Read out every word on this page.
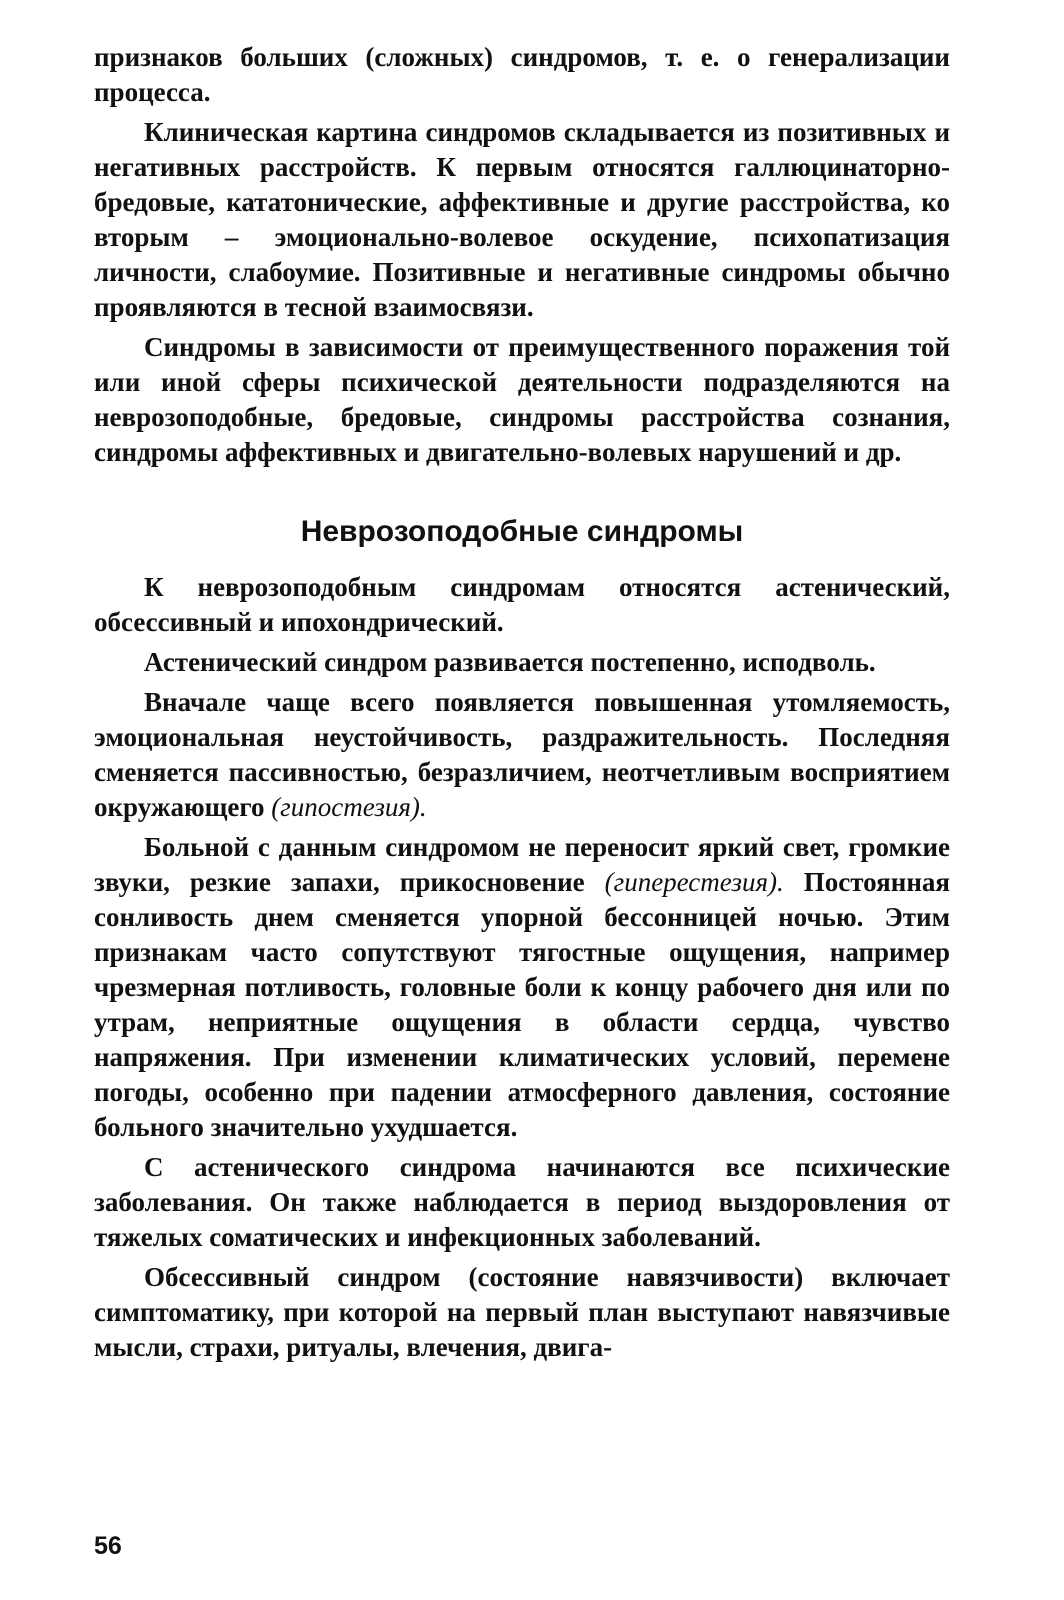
признаков больших (сложных) синдромов, т. е. о генерализации процесса.

Клиническая картина синдромов складывается из позитивных и негативных расстройств. К первым относятся галлюцинаторно-бредовые, кататонические, аффективные и другие расстройства, ко вторым – эмоционально-волевое оскудение, психопатизация личности, слабоумие. Позитивные и негативные синдромы обычно проявляются в тесной взаимосвязи.

Синдромы в зависимости от преимущественного поражения той или иной сферы психической деятельности подразделяются на неврозоподобные, бредовые, синдромы расстройства сознания, синдромы аффективных и двигательно-волевых нарушений и др.

Неврозоподобные синдромы

К неврозоподобным синдромам относятся астенический, обсессивный и ипохондрический.

Астенический синдром развивается постепенно, исподволь.

Вначале чаще всего появляется повышенная утомляемость, эмоциональная неустойчивость, раздражительность. Последняя сменяется пассивностью, безразличием, неотчетливым восприятием окружающего (гипостезия).

Больной с данным синдромом не переносит яркий свет, громкие звуки, резкие запахи, прикосновение (гиперестезия). Постоянная сонливость днем сменяется упорной бессонницей ночью. Этим признакам часто сопутствуют тягостные ощущения, например чрезмерная потливость, головные боли к концу рабочего дня или по утрам, неприятные ощущения в области сердца, чувство напряжения. При изменении климатических условий, перемене погоды, особенно при падении атмосферного давления, состояние больного значительно ухудшается.

С астенического синдрома начинаются все психические заболевания. Он также наблюдается в период выздоровления от тяжелых соматических и инфекционных заболеваний.

Обсессивный синдром (состояние навязчивости) включает симптоматику, при которой на первый план выступают навязчивые мысли, страхи, ритуалы, влечения, двига-

56
